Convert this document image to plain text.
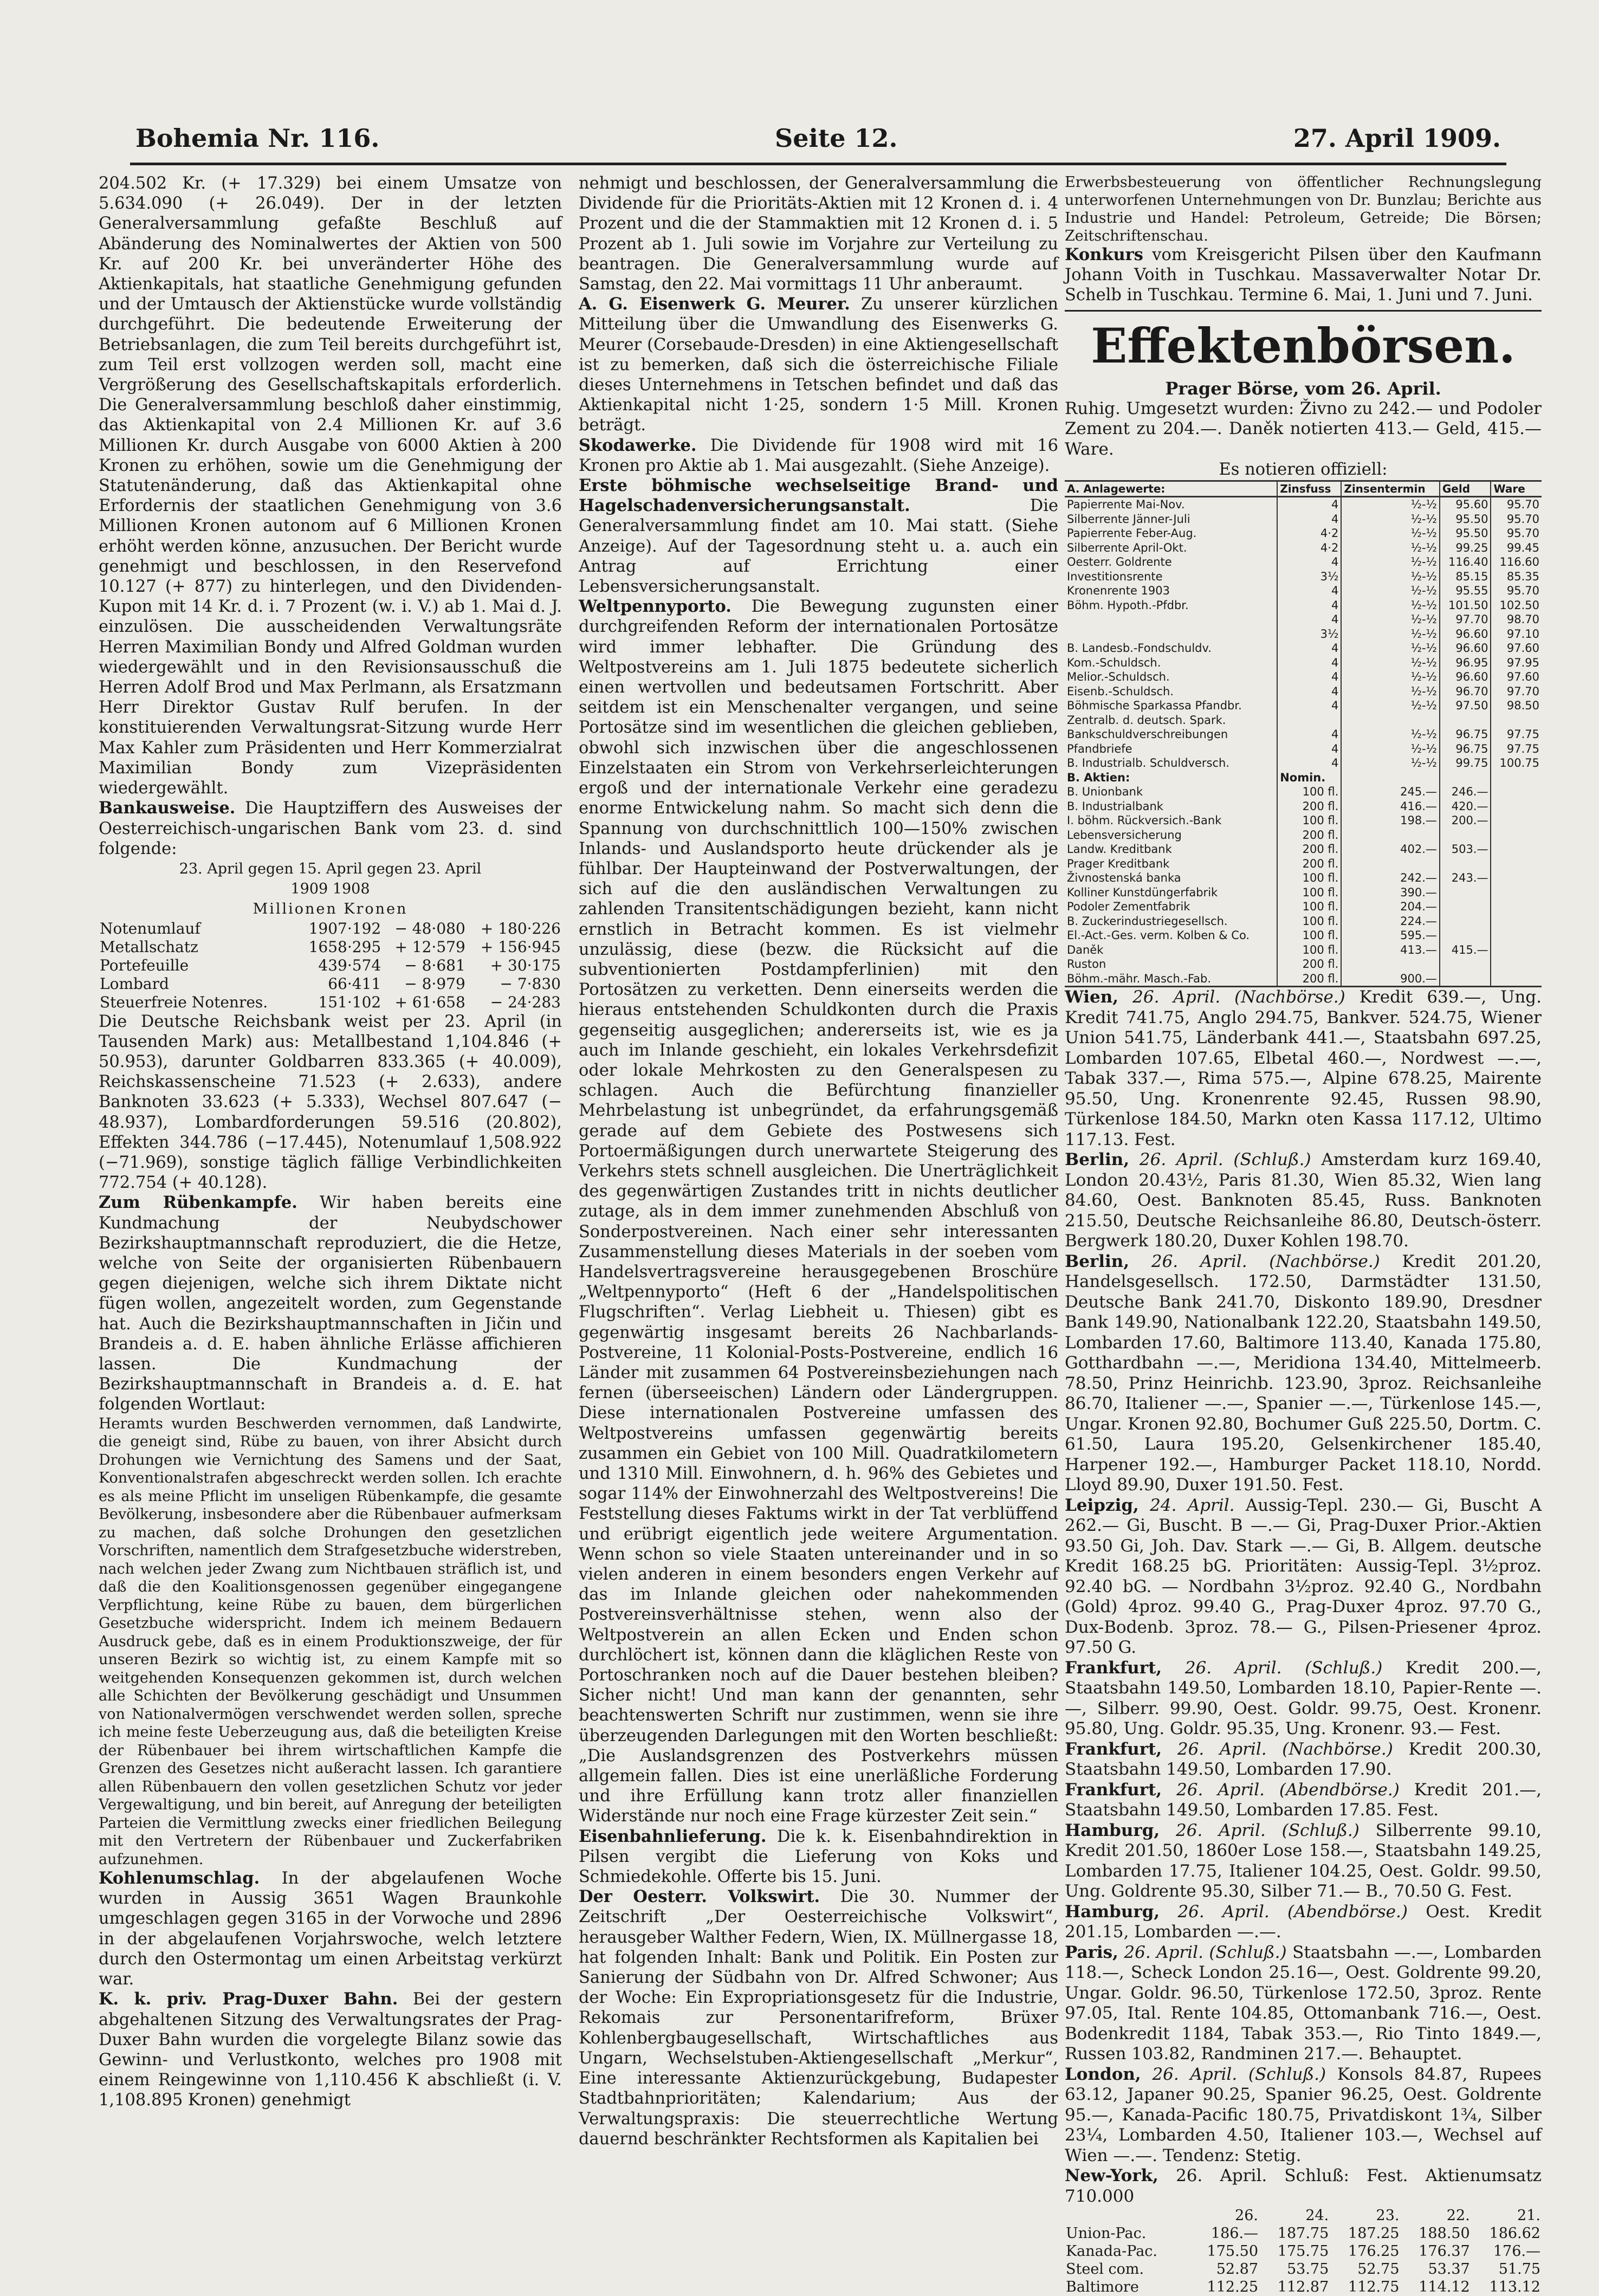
Bohemia Nr. 116.	Seite 12.	27. April 1909.

204.502 Kr. (+ 17.329) bei einem Umsatze von 5.634.090 (+ 26.049). Der in der letzten Generalversammlung gefaßte Beschluß auf Abänderung des Nominalwertes der Aktien von 500 Kr. auf 200 Kr. bei unveränderter Höhe des Aktienkapitals, hat staatliche Genehmigung gefunden und der Umtausch der Aktienstücke wurde vollständig durchgeführt. Die bedeutende Erweiterung der Betriebsanlagen, die zum Teil bereits durchgeführt ist, zum Teil erst vollzogen werden soll, macht eine Vergrößerung des Gesellschaftskapitals erforderlich. Die Generalversammlung beschloß daher einstimmig, das Aktienkapital von 2.4 Millionen Kr. auf 3.6 Millionen Kr. durch Ausgabe von 6000 Aktien à 200 Kronen zu erhöhen, sowie um die Genehmigung der Statutenänderung, daß das Aktienkapital ohne Erfordernis der staatlichen Genehmigung von 3.6 Millionen Kronen autonom auf 6 Millionen Kronen erhöht werden könne, anzusuchen. Der Bericht wurde genehmigt und beschlossen, in den Reservefond 10.127 (+ 877) zu hinterlegen, und den Dividenden-Kupon mit 14 Kr. d. i. 7 Prozent (w. i. V.) ab 1. Mai d. J. einzulösen. Die ausscheidenden Verwaltungsräte Herren Maximilian Bondy und Alfred Goldman wurden wiedergewählt und in den Revisionsausschuß die Herren Adolf Brod und Max Perlmann, als Ersatzmann Herr Direktor Gustav Rulf berufen. In der konstituierenden Verwaltungsrat-Sitzung wurde Herr Max Kahler zum Präsidenten und Herr Kommerzialrat Maximilian Bondy zum Vizepräsidenten wiedergewählt.

Bankausweise. Die Hauptziffern des Ausweises der Oesterreichisch-ungarischen Bank vom 23. d. sind folgende:

23. April gegen 15. April gegen 23. April

1909 1908

Millionen Kronen

Notenumlauf	1907·192	− 48·080	+ 180·226
Metallschatz	1658·295	+ 12·579	+ 156·945
Portefeuille	439·574	− 8·681	+ 30·175
Lombard	66·411	− 8·979	− 7·830
Steuerfreie Notenres.	151·102	+ 61·658	− 24·283

Die Deutsche Reichsbank weist per 23. April (in Tausenden Mark) aus: Metallbestand 1,104.846 (+ 50.953), darunter Goldbarren 833.365 (+ 40.009), Reichskassenscheine 71.523 (+ 2.633), andere Banknoten 33.623 (+ 5.333), Wechsel 807.647 (− 48.937), Lombardforderungen 59.516 (20.802), Effekten 344.786 (−17.445), Notenumlauf 1,508.922 (−71.969), sonstige täglich fällige Verbindlichkeiten 772.754 (+ 40.128).

Zum Rübenkampfe. Wir haben bereits eine Kundmachung der Neubydschower Bezirkshauptmannschaft reproduziert, die die Hetze, welche von Seite der organisierten Rübenbauern gegen diejenigen, welche sich ihrem Diktate nicht fügen wollen, angezeitelt worden, zum Gegenstande hat. Auch die Bezirkshauptmannschaften in Jičin und Brandeis a. d. E. haben ähnliche Erlässe affichieren lassen. Die Kundmachung der Bezirkshauptmannschaft in Brandeis a. d. E. hat folgenden Wortlaut:

Heramts wurden Beschwerden vernommen, daß Landwirte, die geneigt sind, Rübe zu bauen, von ihrer Absicht durch Drohungen wie Vernichtung des Samens und der Saat, Konventionalstrafen abgeschreckt werden sollen. Ich erachte es als meine Pflicht im unseligen Rübenkampfe, die gesamte Bevölkerung, insbesondere aber die Rübenbauer aufmerksam zu machen, daß solche Drohungen den gesetzlichen Vorschriften, namentlich dem Strafgesetzbuche widerstreben, nach welchen jeder Zwang zum Nichtbauen sträflich ist, und daß die den Koalitionsgenossen gegenüber eingegangene Verpflichtung, keine Rübe zu bauen, dem bürgerlichen Gesetzbuche widerspricht. Indem ich meinem Bedauern Ausdruck gebe, daß es in einem Produktionszweige, der für unseren Bezirk so wichtig ist, zu einem Kampfe mit so weitgehenden Konsequenzen gekommen ist, durch welchen alle Schichten der Bevölkerung geschädigt und Unsummen von Nationalvermögen verschwendet werden sollen, spreche ich meine feste Ueberzeugung aus, daß die beteiligten Kreise der Rübenbauer bei ihrem wirtschaftlichen Kampfe die Grenzen des Gesetzes nicht außeracht lassen. Ich garantiere allen Rübenbauern den vollen gesetzlichen Schutz vor jeder Vergewaltigung, und bin bereit, auf Anregung der beteiligten Parteien die Vermittlung zwecks einer friedlichen Beilegung mit den Vertretern der Rübenbauer und Zuckerfabriken aufzunehmen.

Kohlenumschlag. In der abgelaufenen Woche wurden in Aussig 3651 Wagen Braunkohle umgeschlagen gegen 3165 in der Vorwoche und 2896 in der abgelaufenen Vorjahrswoche, welch letztere durch den Ostermontag um einen Arbeitstag verkürzt war.

K. k. priv. Prag-Duxer Bahn. Bei der gestern abgehaltenen Sitzung des Verwaltungsrates der Prag-Duxer Bahn wurden die vorgelegte Bilanz sowie das Gewinn- und Verlustkonto, welches pro 1908 mit einem Reingewinne von 1,110.456 K abschließt (i. V. 1,108.895 Kronen) genehmigt

nehmigt und beschlossen, der Generalversammlung die Dividende für die Prioritäts-Aktien mit 12 Kronen d. i. 4 Prozent und die der Stammaktien mit 12 Kronen d. i. 5 Prozent ab 1. Juli sowie im Vorjahre zur Verteilung zu beantragen. Die Generalversammlung wurde auf Samstag, den 22. Mai vormittags 11 Uhr anberaumt.

A. G. Eisenwerk G. Meurer. Zu unserer kürzlichen Mitteilung über die Umwandlung des Eisenwerks G. Meurer (Corsebaude-Dresden) in eine Aktiengesellschaft ist zu bemerken, daß sich die österreichische Filiale dieses Unternehmens in Tetschen befindet und daß das Aktienkapital nicht 1·25, sondern 1·5 Mill. Kronen beträgt.

Skodawerke. Die Dividende für 1908 wird mit 16 Kronen pro Aktie ab 1. Mai ausgezahlt. (Siehe Anzeige).

Erste böhmische wechselseitige Brand- und Hagelschadenversicherungsanstalt.	Die Generalversammlung findet am 10. Mai statt. (Siehe Anzeige). Auf der Tagesordnung steht u. a. auch ein Antrag auf Errichtung einer Lebensversicherungsanstalt.

Weltpennyporto. Die Bewegung zugunsten einer durchgreifenden Reform der internationalen Portosätze wird immer lebhafter. Die Gründung des Weltpostvereins am 1. Juli 1875 bedeutete sicherlich einen wertvollen und bedeutsamen Fortschritt. Aber seitdem ist ein Menschenalter vergangen, und seine Portosätze sind im wesentlichen die gleichen geblieben, obwohl sich inzwischen über die angeschlossenen Einzelstaaten ein Strom von Verkehrserleichterungen ergoß und der internationale Verkehr eine geradezu enorme Entwickelung nahm. So macht sich denn die Spannung von durchschnittlich 100—150% zwischen Inlands- und Auslandsporto heute drückender als je fühlbar. Der Haupteinwand der Postverwaltungen, der sich auf die den ausländischen Verwaltungen zu zahlenden Transitentschädigungen bezieht, kann nicht ernstlich in Betracht kommen. Es ist vielmehr unzulässig, diese (bezw. die Rücksicht auf die subventionierten Postdampferlinien) mit den Portosätzen zu verketten. Denn einerseits werden die hieraus entstehenden Schuldkonten durch die Praxis gegenseitig ausgeglichen; andererseits ist, wie es ja auch im Inlande geschieht, ein lokales Verkehrsdefizit oder lokale Mehrkosten zu den Generalspesen zu schlagen. Auch die Befürchtung finanzieller Mehrbelastung ist unbegründet, da erfahrungsgemäß gerade auf dem Gebiete des Postwesens sich Portoermäßigungen durch unerwartete Steigerung des Verkehrs stets schnell ausgleichen. Die Unerträglichkeit des gegenwärtigen Zustandes tritt in nichts deutlicher zutage, als in dem immer zunehmenden Abschluß von Sonderpostvereinen. Nach einer sehr interessanten Zusammenstellung dieses Materials in der soeben vom Handelsvertragsvereine herausgegebenen Broschüre „Weltpennyporto“ (Heft 6 der „Handelspolitischen Flugschriften“. Verlag Liebheit u. Thiesen) gibt es gegenwärtig insgesamt bereits 26 Nachbarlands-Postvereine, 11 Kolonial-Posts-Postvereine, endlich 16 Länder mit zusammen 64 Postvereinsbeziehungen nach fernen (überseeischen) Ländern oder Ländergruppen. Diese internationalen Postvereine umfassen des Weltpostvereins umfassen gegenwärtig bereits zusammen ein Gebiet von 100 Mill. Quadratkilometern und 1310 Mill. Einwohnern, d. h. 96% des Gebietes und sogar 114% der Einwohnerzahl des Weltpostvereins! Die Feststellung dieses Faktums wirkt in der Tat verblüffend und erübrigt eigentlich jede weitere Argumentation. Wenn schon so viele Staaten untereinander und in so vielen anderen in einem besonders engen Verkehr auf das im Inlande gleichen oder nahekommenden Postvereinsverhältnisse stehen, wenn also der Weltpostverein an allen Ecken und Enden schon durchlöchert ist, können dann die kläglichen Reste von Portoschranken noch auf die Dauer bestehen bleiben? Sicher nicht! Und man kann der genannten, sehr beachtenswerten Schrift nur zustimmen, wenn sie ihre überzeugenden Darlegungen mit den Worten beschließt: „Die Auslandsgrenzen des Postverkehrs müssen allgemein fallen. Dies ist eine unerläßliche Forderung und ihre Erfüllung kann trotz aller finanziellen Widerstände nur noch eine Frage kürzester Zeit sein.“

Eisenbahnlieferung. Die k. k. Eisenbahndirektion in Pilsen vergibt die Lieferung von Koks und Schmiedekohle. Offerte bis 15. Juni.

Der Oesterr. Volkswirt. Die 30. Nummer der Zeitschrift „Der Oesterreichische Volkswirt“, herausgeber Walther Federn, Wien, IX. Müllnergasse 18, hat folgenden Inhalt: Bank und Politik. Ein Posten zur Sanierung der Südbahn von Dr. Alfred Schwoner; Aus der Woche: Ein Expropriationsgesetz für die Industrie, Rekomais zur Personentarifreform, Brüxer Kohlenbergbaugesellschaft, Wirtschaftliches aus Ungarn, Wechselstuben-Aktiengesellschaft „Merkur“, Eine interessante Aktienzurückgebung, Budapester Stadtbahnprioritäten; Kalendarium; Aus der Verwaltungspraxis: Die steuerrechtliche Wertung dauernd beschränkter Rechtsformen als Kapitalien bei

Erwerbsbesteuerung von öffentlicher Rechnungslegung unterworfenen Unternehmungen von Dr. Bunzlau; Berichte aus Industrie und Handel: Petroleum, Getreide; Die Börsen; Zeitschriftenschau.

Konkurs vom Kreisgericht Pilsen über den Kaufmann Johann Voith in Tuschkau. Massaverwalter Notar Dr. Schelb in Tuschkau. Termine 6. Mai, 1. Juni und 7. Juni.

Effektenbörsen.

Prager Börse, vom 26. April.

Ruhig. Umgesetzt wurden: Živno zu 242.— und Podoler Zement zu 204.—. Daněk notierten 413.— Geld, 415.— Ware.

Es notieren offiziell:

A. Anlagewerte:	Zinsfuss	Zinsentermin	Geld	Ware
Papierrente Mai-Nov.	4	½-½	95.60	95.70
Silberrente Jänner-Juli	4	½-½	95.50	95.70
Papierrente Feber-Aug.	4·2	½-½	95.50	95.70
Silberrente April-Okt.	4·2	½-½	99.25	99.45
Oesterr. Goldrente	4	½-½	116.40	116.60
Investitionsrente	3½	½-½	85.15	85.35
Kronenrente 1903	4	½-½	95.55	95.70
Böhm. Hypoth.-Pfdbr.	4	½-½	101.50	102.50
	4	½-½	97.70	98.70
	3½	½-½	96.60	97.10
B. Landesb.-Fondschuldv.	4	½-½	96.60	97.60
Kom.-Schuldsch.	4	½-½	96.95	97.95
Melior.-Schuldsch.	4	½-½	96.60	97.60
Eisenb.-Schuldsch.	4	½-½	96.70	97.70
Böhmische Sparkassa Pfandbr.	4	½-½	97.50	98.50
Zentralb. d. deutsch. Spark.				
Bankschuldverschreibungen	4	½-½	96.75	97.75
Pfandbriefe	4	½-½	96.75	97.75
B. Industrialb. Schuldversch.	4	½-½	99.75	100.75
B. Aktien:	Nomin.			
B. Unionbank	100 fl.	245.—	246.—	
B. Industrialbank	200 fl.	416.—	420.—	
I. böhm. Rückversich.-Bank	100 fl.	198.—	200.—	
Lebensversicherung	200 fl.			
Landw. Kreditbank	200 fl.	402.—	503.—	
Prager Kreditbank	200 fl.			
Živnostenská banka	100 fl.	242.—	243.—	
Kolliner Kunstdüngerfabrik	100 fl.	390.—		
Podoler Zementfabrik	100 fl.	204.—		
B. Zuckerindustriegesellsch.	100 fl.	224.—		
El.-Act.-Ges. verm. Kolben & Co.	100 fl.	595.—		
Daněk	100 fl.	413.—	415.—	
Ruston	200 fl.			
Böhm.-mähr. Masch.-Fab.	200 fl.	900.—		

Wien, 26. April. (Nachbörse.) Kredit 639.—, Ung. Kredit 741.75, Anglo 294.75, Bankver. 524.75, Wiener Union 541.75, Länderbank 441.—, Staatsbahn 697.25, Lombarden 107.65, Elbetal 460.—, Nordwest —.—, Tabak 337.—, Rima 575.—, Alpine 678.25, Mairente 95.50, Ung. Kronenrente 92.45, Russen 98.90, Türkenlose 184.50, Markn oten Kassa 117.12, Ultimo 117.13. Fest.

Berlin, 26. April. (Schluß.) Amsterdam kurz 169.40, London 20.43½, Paris 81.30, Wien 85.32, Wien lang 84.60, Oest. Banknoten 85.45, Russ. Banknoten 215.50, Deutsche Reichsanleihe 86.80, Deutsch-österr. Bergwerk 180.20, Duxer Kohlen 198.70.

Berlin, 26. April. (Nachbörse.) Kredit 201.20, Handelsgesellsch. 172.50, Darmstädter 131.50, Deutsche Bank 241.70, Diskonto 189.90, Dresdner Bank 149.90, Nationalbank 122.20, Staatsbahn 149.50, Lombarden 17.60, Baltimore 113.40, Kanada 175.80, Gotthardbahn —.—, Meridiona 134.40, Mittelmeerb. 78.50, Prinz Heinrichb. 123.90, 3proz. Reichsanleihe 86.70, Italiener —.—, Spanier —.—, Türkenlose 145.—, Ungar. Kronen 92.80, Bochumer Guß 225.50, Dortm. C. 61.50, Laura 195.20, Gelsenkirchener 185.40, Harpener 192.—, Hamburger Packet 118.10, Nordd. Lloyd 89.90, Duxer 191.50. Fest.

Leipzig, 24. April. Aussig-Tepl. 230.— Gi, Buscht A 262.— Gi, Buscht. B —.— Gi, Prag-Duxer Prior.-Aktien 93.50 Gi, Joh. Dav. Stark —.— Gi, B. Allgem. deutsche Kredit 168.25 bG. Prioritäten: Aussig-Tepl. 3½proz. 92.40 bG. — Nordbahn 3½proz. 92.40 G., Nordbahn (Gold) 4proz. 99.40 G., Prag-Duxer 4proz. 97.70 G., Dux-Bodenb. 3proz. 78.— G., Pilsen-Priesener 4proz. 97.50 G.

Frankfurt, 26. April. (Schluß.) Kredit 200.—, Staatsbahn 149.50, Lombarden 18.10, Papier-Rente —.—, Silberr. 99.90, Oest. Goldr. 99.75, Oest. Kronenr. 95.80, Ung. Goldr. 95.35, Ung. Kronenr. 93.— Fest.

Frankfurt, 26. April. (Nachbörse.) Kredit 200.30, Staatsbahn 149.50, Lombarden 17.90.

Frankfurt, 26. April. (Abendbörse.) Kredit 201.—, Staatsbahn 149.50, Lombarden 17.85. Fest.

Hamburg, 26. April. (Schluß.) Silberrente 99.10, Kredit 201.50, 1860er Lose 158.—, Staatsbahn 149.25, Lombarden 17.75, Italiener 104.25, Oest. Goldr. 99.50, Ung. Goldrente 95.30, Silber 71.— B., 70.50 G. Fest.

Hamburg, 26. April. (Abendbörse.) Oest. Kredit 201.15, Lombarden —.—.

Paris, 26. April. (Schluß.) Staatsbahn —.—, Lombarden 118.—, Scheck London 25.16—, Oest. Goldrente 99.20, Ungar. Goldr. 96.50, Türkenlose 172.50, 3proz. Rente 97.05, Ital. Rente 104.85, Ottomanbank 716.—, Oest. Bodenkredit 1184, Tabak 353.—, Rio Tinto 1849.—, Russen 103.82, Randminen 217.—. Behauptet.

London, 26. April. (Schluß.) Konsols 84.87, Rupees 63.12, Japaner 90.25, Spanier 96.25, Oest. Goldrente 95.—, Kanada-Pacific 180.75, Privatdiskont 1¾, Silber 23¼, Lombarden 4.50, Italiener 103.—, Wechsel auf Wien —.—. Tendenz: Stetig.

New-York, 26. April. Schluß: Fest. Aktienumsatz 710.000

	26.	24.	23.	22.	21.
Union-Pac.	186.—	187.75	187.25	188.50	186.62
Kanada-Pac.	175.50	175.75	176.25	176.37	176.—
Steel com.	52.87	53.75	52.75	53.37	51.75
Baltimore	112.25	112.87	112.75	114.12	113.12
